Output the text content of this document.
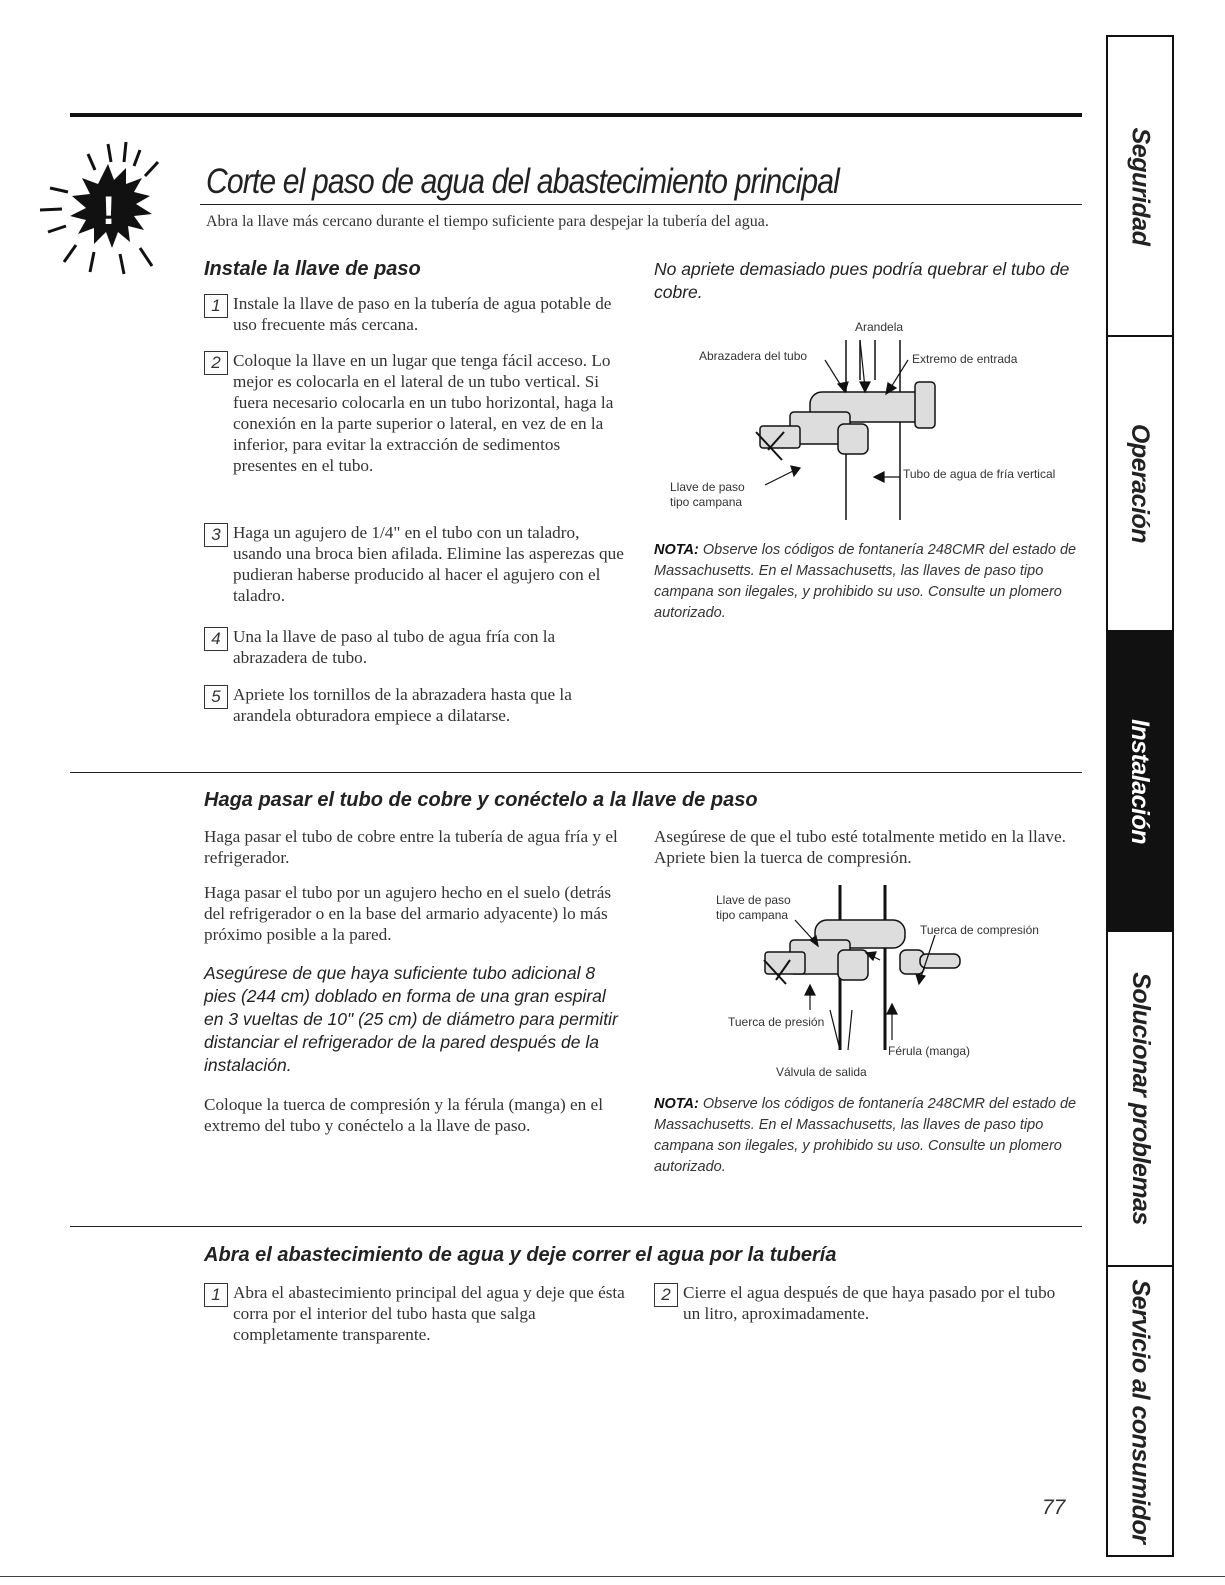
!
Corte el paso de agua del abastecimiento principal
Abra la llave más cercano durante el tiempo suficiente para despejar la tubería del agua.
Instale la llave de paso
1 Instale la llave de paso en la tubería de agua potable de uso frecuente más cercana.
2 Coloque la llave en un lugar que tenga fácil acceso. Lo mejor es colocarla en el lateral de un tubo vertical. Si fuera necesario colocarla en un tubo horizontal, haga la conexión en la parte superior o lateral, en vez de en la inferior, para evitar la extracción de sedimentos presentes en el tubo.
3 Haga un agujero de 1/4" en el tubo con un taladro, usando una broca bien afilada. Elimine las asperezas que pudieran haberse producido al hacer el agujero con el taladro.
4 Una la llave de paso al tubo de agua fría con la abrazadera de tubo.
5 Apriete los tornillos de la abrazadera hasta que la arandela obturadora empiece a dilatarse.
No apriete demasiado pues podría quebrar el tubo de cobre.
Arandela
Abrazadera del tubo	Extremo de entrada
Llave de paso
tipo campana
Tubo de agua de fría vertical
NOTA: Observe los códigos de fontanería 248CMR del estado de Massachusetts. En el Massachusetts, las llaves de paso tipo campana son ilegales, y prohibido su uso. Consulte un plomero autorizado.
Haga pasar el tubo de cobre y conéctelo a la llave de paso
Haga pasar el tubo de cobre entre la tubería de agua fría y el refrigerador.
Haga pasar el tubo por un agujero hecho en el suelo (detrás del refrigerador o en la base del armario adyacente) lo más próximo posible a la pared.
Asegúrese de que haya suficiente tubo adicional 8 pies (244 cm) doblado en forma de una gran espiral en 3 vueltas de 10" (25 cm) de diámetro para permitir distanciar el refrigerador de la pared después de la instalación.
Coloque la tuerca de compresión y la férula (manga) en el extremo del tubo y conéctelo a la llave de paso.
Asegúrese de que el tubo esté totalmente metido en la llave. Apriete bien la tuerca de compresión.
Llave de paso
tipo campana
Tuerca de compresión
Tuerca de presión
Férula (manga)
Válvula de salida
NOTA: Observe los códigos de fontanería 248CMR del estado de Massachusetts. En el Massachusetts, las llaves de paso tipo campana son ilegales, y prohibido su uso. Consulte un plomero autorizado.
Abra el abastecimiento de agua y deje correr el agua por la tubería
1 Abra el abastecimiento principal del agua y deje que ésta corra por el interior del tubo hasta que salga completamente transparente.
2 Cierre el agua después de que haya pasado por el tubo un litro, aproximadamente.
Seguridad
Operación
Instalación
Solucionar problemas
Servicio al consumidor
77
